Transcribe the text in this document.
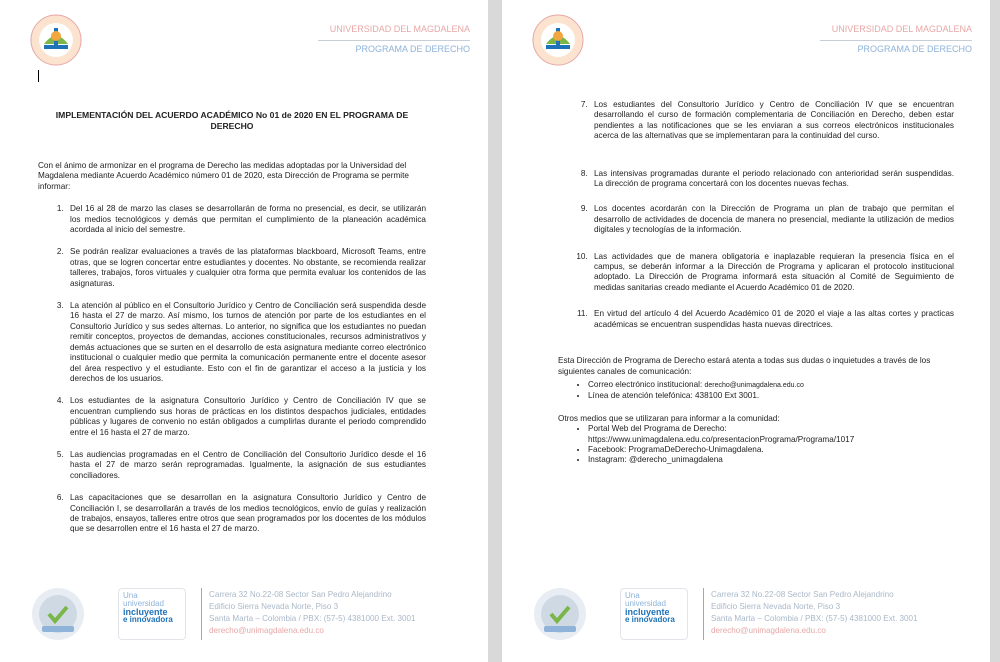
UNIVERSIDAD DEL MAGDALENA
PROGRAMA DE DERECHO

IMPLEMENTACIÓN DEL ACUERDO ACADÉMICO No 01 de 2020 EN EL PROGRAMA DE DERECHO

Con el ánimo de armonizar en el programa de Derecho las medidas adoptadas por la Universidad del Magdalena mediante Acuerdo Académico número 01 de 2020, esta Dirección de Programa se permite informar:

1. Del 16 al 28 de marzo las clases se desarrollarán de forma no presencial, es decir, se utilizarán los medios tecnológicos y demás que permitan el cumplimiento de la planeación académica acordada al inicio del semestre.
2. Se podrán realizar evaluaciones a través de las plataformas blackboard, Microsoft Teams, entre otras, que se logren concertar entre estudiantes y docentes. No obstante, se recomienda realizar talleres, trabajos, foros virtuales y cualquier otra forma que permita evaluar los contenidos de las asignaturas.
3. La atención al público en el Consultorio Jurídico y Centro de Conciliación será suspendida desde 16 hasta el 27 de marzo. Así mismo, los turnos de atención por parte de los estudiantes en el Consultorio Jurídico y sus sedes alternas. Lo anterior, no significa que los estudiantes no puedan remitir conceptos, proyectos de demandas, acciones constitucionales, recursos administrativos y demás actuaciones que se surten en el desarrollo de esta asignatura mediante correo electrónico institucional o cualquier medio que permita la comunicación permanente entre el docente asesor del área respectivo y el estudiante. Esto con el fin de garantizar el acceso a la justicia y los derechos de los usuarios.
4. Los estudiantes de la asignatura Consultorio Jurídico y Centro de Conciliación IV que se encuentran cumpliendo sus horas de prácticas en los distintos despachos judiciales, entidades públicas y lugares de convenio no están obligados a cumplirlas durante el periodo comprendido entre el 16 hasta el 27 de marzo.
5. Las audiencias programadas en el Centro de Conciliación del Consultorio Jurídico desde el 16 hasta el 27 de marzo serán reprogramadas. Igualmente, la asignación de sus estudiantes conciliadores.
6. Las capacitaciones que se desarrollan en la asignatura Consultorio Jurídico y Centro de Conciliación I, se desarrollarán a través de los medios tecnológicos, envío de guías y realización de trabajos, ensayos, talleres entre otros que sean programados por los docentes de los módulos que se desarrollen entre el 16 hasta el 27 de marzo.
Una
universidad
incluyente
e innovadora
Carrera 32 No.22-08 Sector San Pedro Alejandrino
Edificio Sierra Nevada Norte, Piso 3
Santa Marta – Colombia / PBX: (57-5) 4381000 Ext. 3001
derecho@unimagdalena.edu.co
UNIVERSIDAD DEL MAGDALENA
PROGRAMA DE DERECHO
7. Los estudiantes del Consultorio Jurídico y Centro de Conciliación IV que se encuentran desarrollando el curso de formación complementaria de Conciliación en Derecho, deben estar pendientes a las notificaciones que se les enviaran a sus correos electrónicos institucionales acerca de las alternativas que se implementaran para la continuidad del curso.
8. Las intensivas programadas durante el periodo relacionado con anterioridad serán suspendidas. La dirección de programa concertará con los docentes nuevas fechas.
9. Los docentes acordarán con la Dirección de Programa un plan de trabajo que permitan el desarrollo de actividades de docencia de manera no presencial, mediante la utilización de medios digitales y tecnologías de la información.
10. Las actividades que de manera obligatoria e inaplazable requieran la presencia física en el campus, se deberán informar a la Dirección de Programa y aplicaran el protocolo institucional adoptado. La Dirección de Programa informará esta situación al Comité de Seguimiento de medidas sanitarias creado mediante el Acuerdo Académico 01 de 2020.
11. En virtud del artículo 4 del Acuerdo Académico 01 de 2020 el viaje a las altas cortes y practicas académicas se encuentran suspendidas hasta nuevas directrices.

Esta Dirección de Programa de Derecho estará atenta a todas sus dudas o inquietudes a través de los siguientes canales de comunicación:

• Correo electrónico institucional: derecho@unimagdalena.edu.co
• Línea de atención telefónica: 438100 Ext 3001.

Otros medios que se utilizaran para informar a la comunidad:

• Portal Web del Programa de Derecho:
https://www.unimagdalena.edu.co/presentacionPrograma/Programa/1017
• Facebook: ProgramaDeDerecho-Unimagdalena.
• Instagram: @derecho_unimagdalena
Una
universidad
incluyente
e innovadora
Carrera 32 No.22-08 Sector San Pedro Alejandrino
Edificio Sierra Nevada Norte, Piso 3
Santa Marta – Colombia / PBX: (57-5) 4381000 Ext. 3001
derecho@unimagdalena.edu.co
